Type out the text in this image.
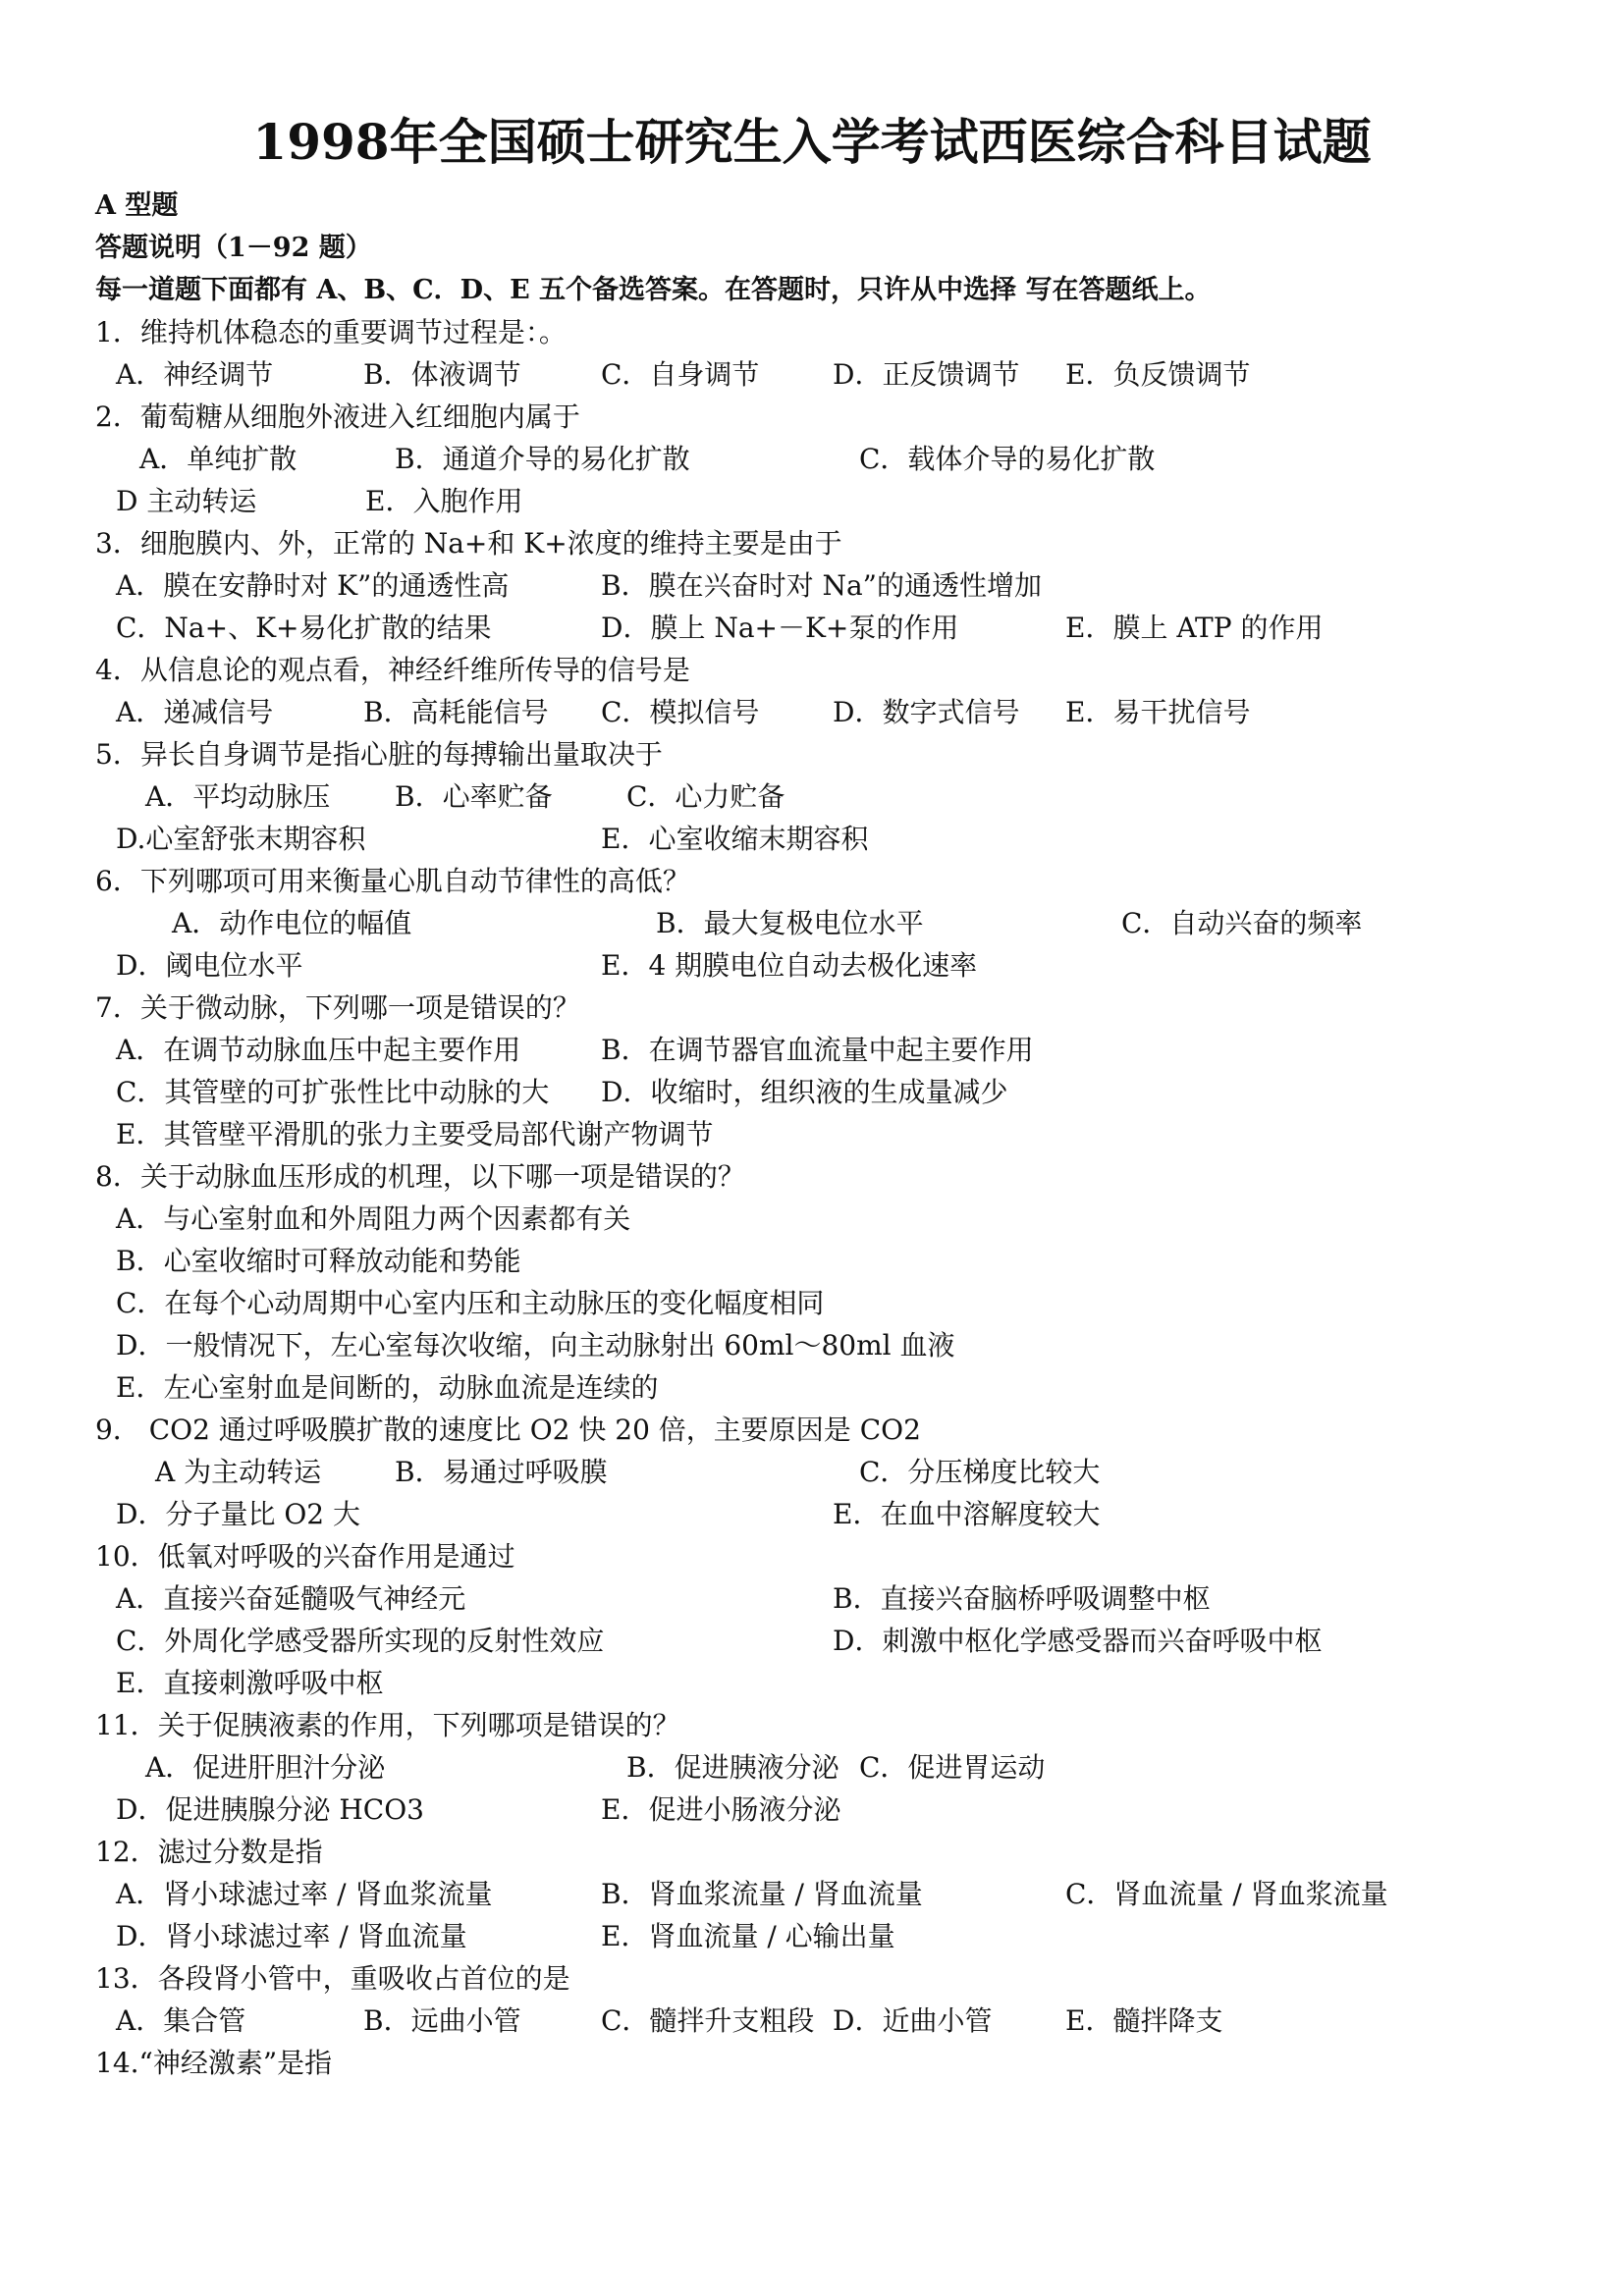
1998年全国硕士研究生入学考试西医综合科目试题
A 型题
答题说明（1－92 题）
每一道题下面都有 A、B、C．D、E 五个备选答案。在答题时，只许从中选择 写在答题纸上。
1．维持机体稳态的重要调节过程是：。
A．神经调节	B．体液调节	C．自身调节	D．正反馈调节 E．负反馈调节
2．葡萄糖从细胞外液进入红细胞内属于
A．单纯扩散	B．通道介导的易化扩散	C．载体介导的易化扩散
D 主动转运	E．入胞作用
3．细胞膜内、外，正常的 Na+和 K+浓度的维持主要是由于
A．膜在安静时对 K”的通透性高	B．膜在兴奋时对 Na”的通透性增加
C．Na+、K+易化扩散的结果	D．膜上 Na+－K+泵的作用	E．膜上 ATP 的作用
4．从信息论的观点看，神经纤维所传导的信号是
A．递减信号	B．高耗能信号 C．模拟信号	D．数字式信号 E．易干扰信号
5．异长自身调节是指心脏的每搏输出量取决于
A．平均动脉压 B．心率贮备	C．心力贮备
D.心室舒张末期容积	E．心室收缩末期容积
6．下列哪项可用来衡量心肌自动节律性的高低？
A．动作电位的幅值	B．最大复极电位水平	C．自动兴奋的频率
D．阈电位水平	E．4 期膜电位自动去极化速率
7．关于微动脉，下列哪一项是错误的？
A．在调节动脉血压中起主要作用	B．在调节器官血流量中起主要作用
C．其管壁的可扩张性比中动脉的大 D．收缩时，组织液的生成量减少
E．其管壁平滑肌的张力主要受局部代谢产物调节
8．关于动脉血压形成的机理，以下哪一项是错误的？
A．与心室射血和外周阻力两个因素都有关
B．心室收缩时可释放动能和势能
C．在每个心动周期中心室内压和主动脉压的变化幅度相同
D．一般情况下，左心室每次收缩，向主动脉射出 60ml～80ml 血液
E．左心室射血是间断的，动脉血流是连续的
9． CO2 通过呼吸膜扩散的速度比 O2 快 20 倍，主要原因是 CO2
A 为主动转运	B．易通过呼吸膜	C．分压梯度比较大
D．分子量比 O2 大	E．在血中溶解度较大
10．低氧对呼吸的兴奋作用是通过
A．直接兴奋延髓吸气神经元	B．直接兴奋脑桥呼吸调整中枢
C．外周化学感受器所实现的反射性效应	D．刺激中枢化学感受器而兴奋呼吸中枢
E．直接刺激呼吸中枢
11．关于促胰液素的作用，下列哪项是错误的？
A．促进肝胆汁分泌	B．促进胰液分泌 C．促进胃运动
D．促进胰腺分泌 HCO3	E．促进小肠液分泌
12．滤过分数是指
A．肾小球滤过率 / 肾血浆流量	B．肾血浆流量 / 肾血流量	C．肾血流量 / 肾血浆流量
D．肾小球滤过率 / 肾血流量	E．肾血流量 / 心输出量
13．各段肾小管中，重吸收占首位的是
A．集合管	B．远曲小管	C．髓拌升支粗段 D．近曲小管	E．髓拌降支
14.“神经激素”是指
